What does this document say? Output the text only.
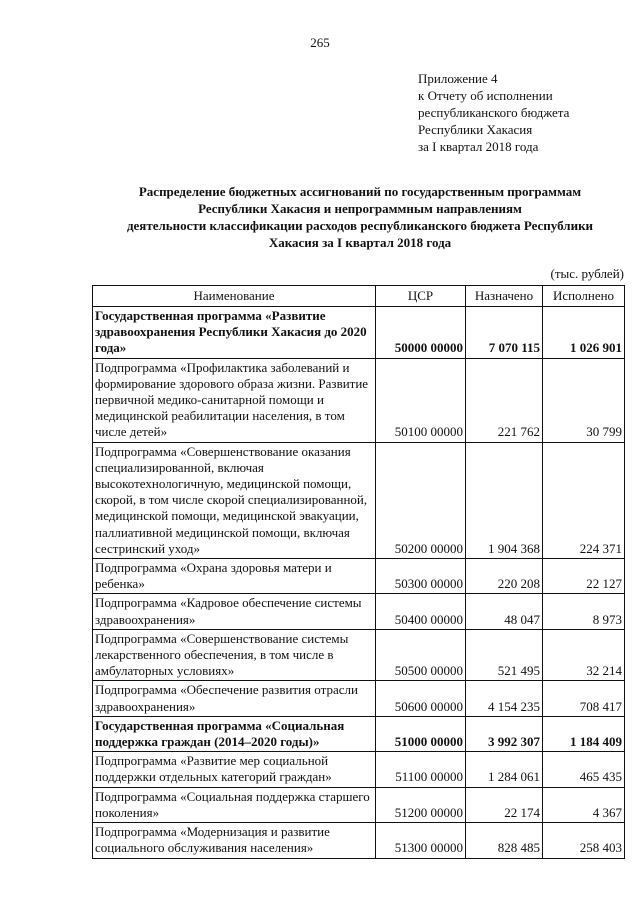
265
Приложение 4
к Отчету об исполнении
республиканского бюджета
Республики Хакасия
за I квартал 2018 года
Распределение бюджетных ассигнований по государственным программам
Республики Хакасия и непрограммным направлениям
деятельности классификации расходов республиканского бюджета Республики
Хакасия за I квартал 2018 года
(тыс. рублей)
Наименование	ЦСР	Назначено	Исполнено
Государственная программа «Развитие здравоохранения Республики Хакасия до 2020 года»	50000 00000	7 070 115	1 026 901
Подпрограмма «Профилактика заболеваний и формирование здорового образа жизни. Развитие первичной медико-санитарной помощи и медицинской реабилитации населения, в том числе детей»	50100 00000	221 762	30 799
Подпрограмма «Совершенствование оказания специализированной, включая высокотехнологичную, медицинской помощи, скорой, в том числе скорой специализированной, медицинской помощи, медицинской эвакуации, паллиативной медицинской помощи, включая сестринский уход»	50200 00000	1 904 368	224 371
Подпрограмма «Охрана здоровья матери и ребенка»	50300 00000	220 208	22 127
Подпрограмма «Кадровое обеспечение системы здравоохранения»	50400 00000	48 047	8 973
Подпрограмма «Совершенствование системы лекарственного обеспечения, в том числе в амбулаторных условиях»	50500 00000	521 495	32 214
Подпрограмма «Обеспечение развития отрасли здравоохранения»	50600 00000	4 154 235	708 417
Государственная программа «Социальная поддержка граждан (2014–2020 годы)»	51000 00000	3 992 307	1 184 409
Подпрограмма «Развитие мер социальной поддержки отдельных категорий граждан»	51100 00000	1 284 061	465 435
Подпрограмма «Социальная поддержка старшего поколения»	51200 00000	22 174	4 367
Подпрограмма «Модернизация и развитие социального обслуживания населения»	51300 00000	828 485	258 403
